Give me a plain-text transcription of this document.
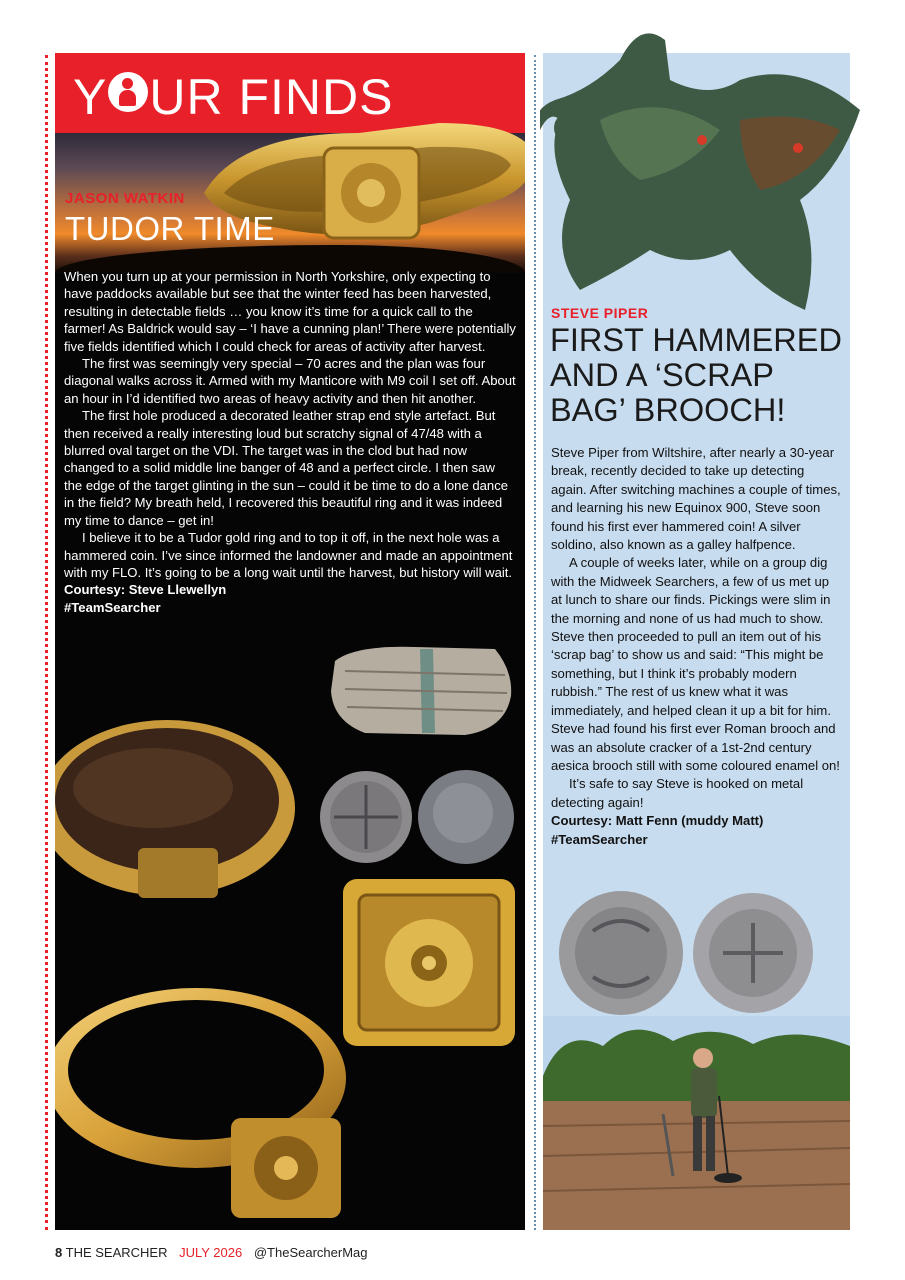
Y UR FINDS
JASON WATKIN
TUDOR TIME

When you turn up at your permission in North Yorkshire, only expecting to have paddocks available but see that the winter feed has been harvested, resulting in detectable fields … you know it’s time for a quick call to the farmer! As Baldrick would say – ‘I have a cunning plan!’ There were potentially five fields identified which I could check for areas of activity after harvest.

The first was seemingly very special – 70 acres and the plan was four diagonal walks across it. Armed with my Manticore with M9 coil I set off. About an hour in I’d identified two areas of heavy activity and then hit another.

The first hole produced a decorated leather strap end style artefact. But then received a really interesting loud but scratchy signal of 47/48 with a blurred oval target on the VDI. The target was in the clod but had now changed to a solid middle line banger of 48 and a perfect circle. I then saw the edge of the target glinting in the sun – could it be time to do a lone dance in the field? My breath held, I recovered this beautiful ring and it was indeed my time to dance – get in!

I believe it to be a Tudor gold ring and to top it off, in the next hole was a hammered coin. I’ve since informed the landowner and made an appointment with my FLO. It’s going to be a long wait until the harvest, but history will wait.

Courtesy: Steve Llewellyn

#TeamSearcher

STEVE PIPER
FIRST HAMMERED
AND A ‘SCRAP
BAG’ BROOCH!

Steve Piper from Wiltshire, after nearly a 30-year break, recently decided to take up detecting again. After switching machines a couple of times, and learning his new Equinox 900, Steve soon found his first ever hammered coin! A silver soldino, also known as a galley halfpence.

A couple of weeks later, while on a group dig with the Midweek Searchers, a few of us met up at lunch to share our finds. Pickings were slim in the morning and none of us had much to show. Steve then proceeded to pull an item out of his ‘scrap bag’ to show us and said: “This might be something, but I think it’s probably modern rubbish.” The rest of us knew what it was immediately, and helped clean it up a bit for him. Steve had found his first ever Roman brooch and was an absolute cracker of a 1st-2nd century aesica brooch still with some coloured enamel on!

It’s safe to say Steve is hooked on metal detecting again!

Courtesy: Matt Fenn (muddy Matt)

#TeamSearcher

8 THE SEARCHER JULY 2026 @TheSearcherMag
